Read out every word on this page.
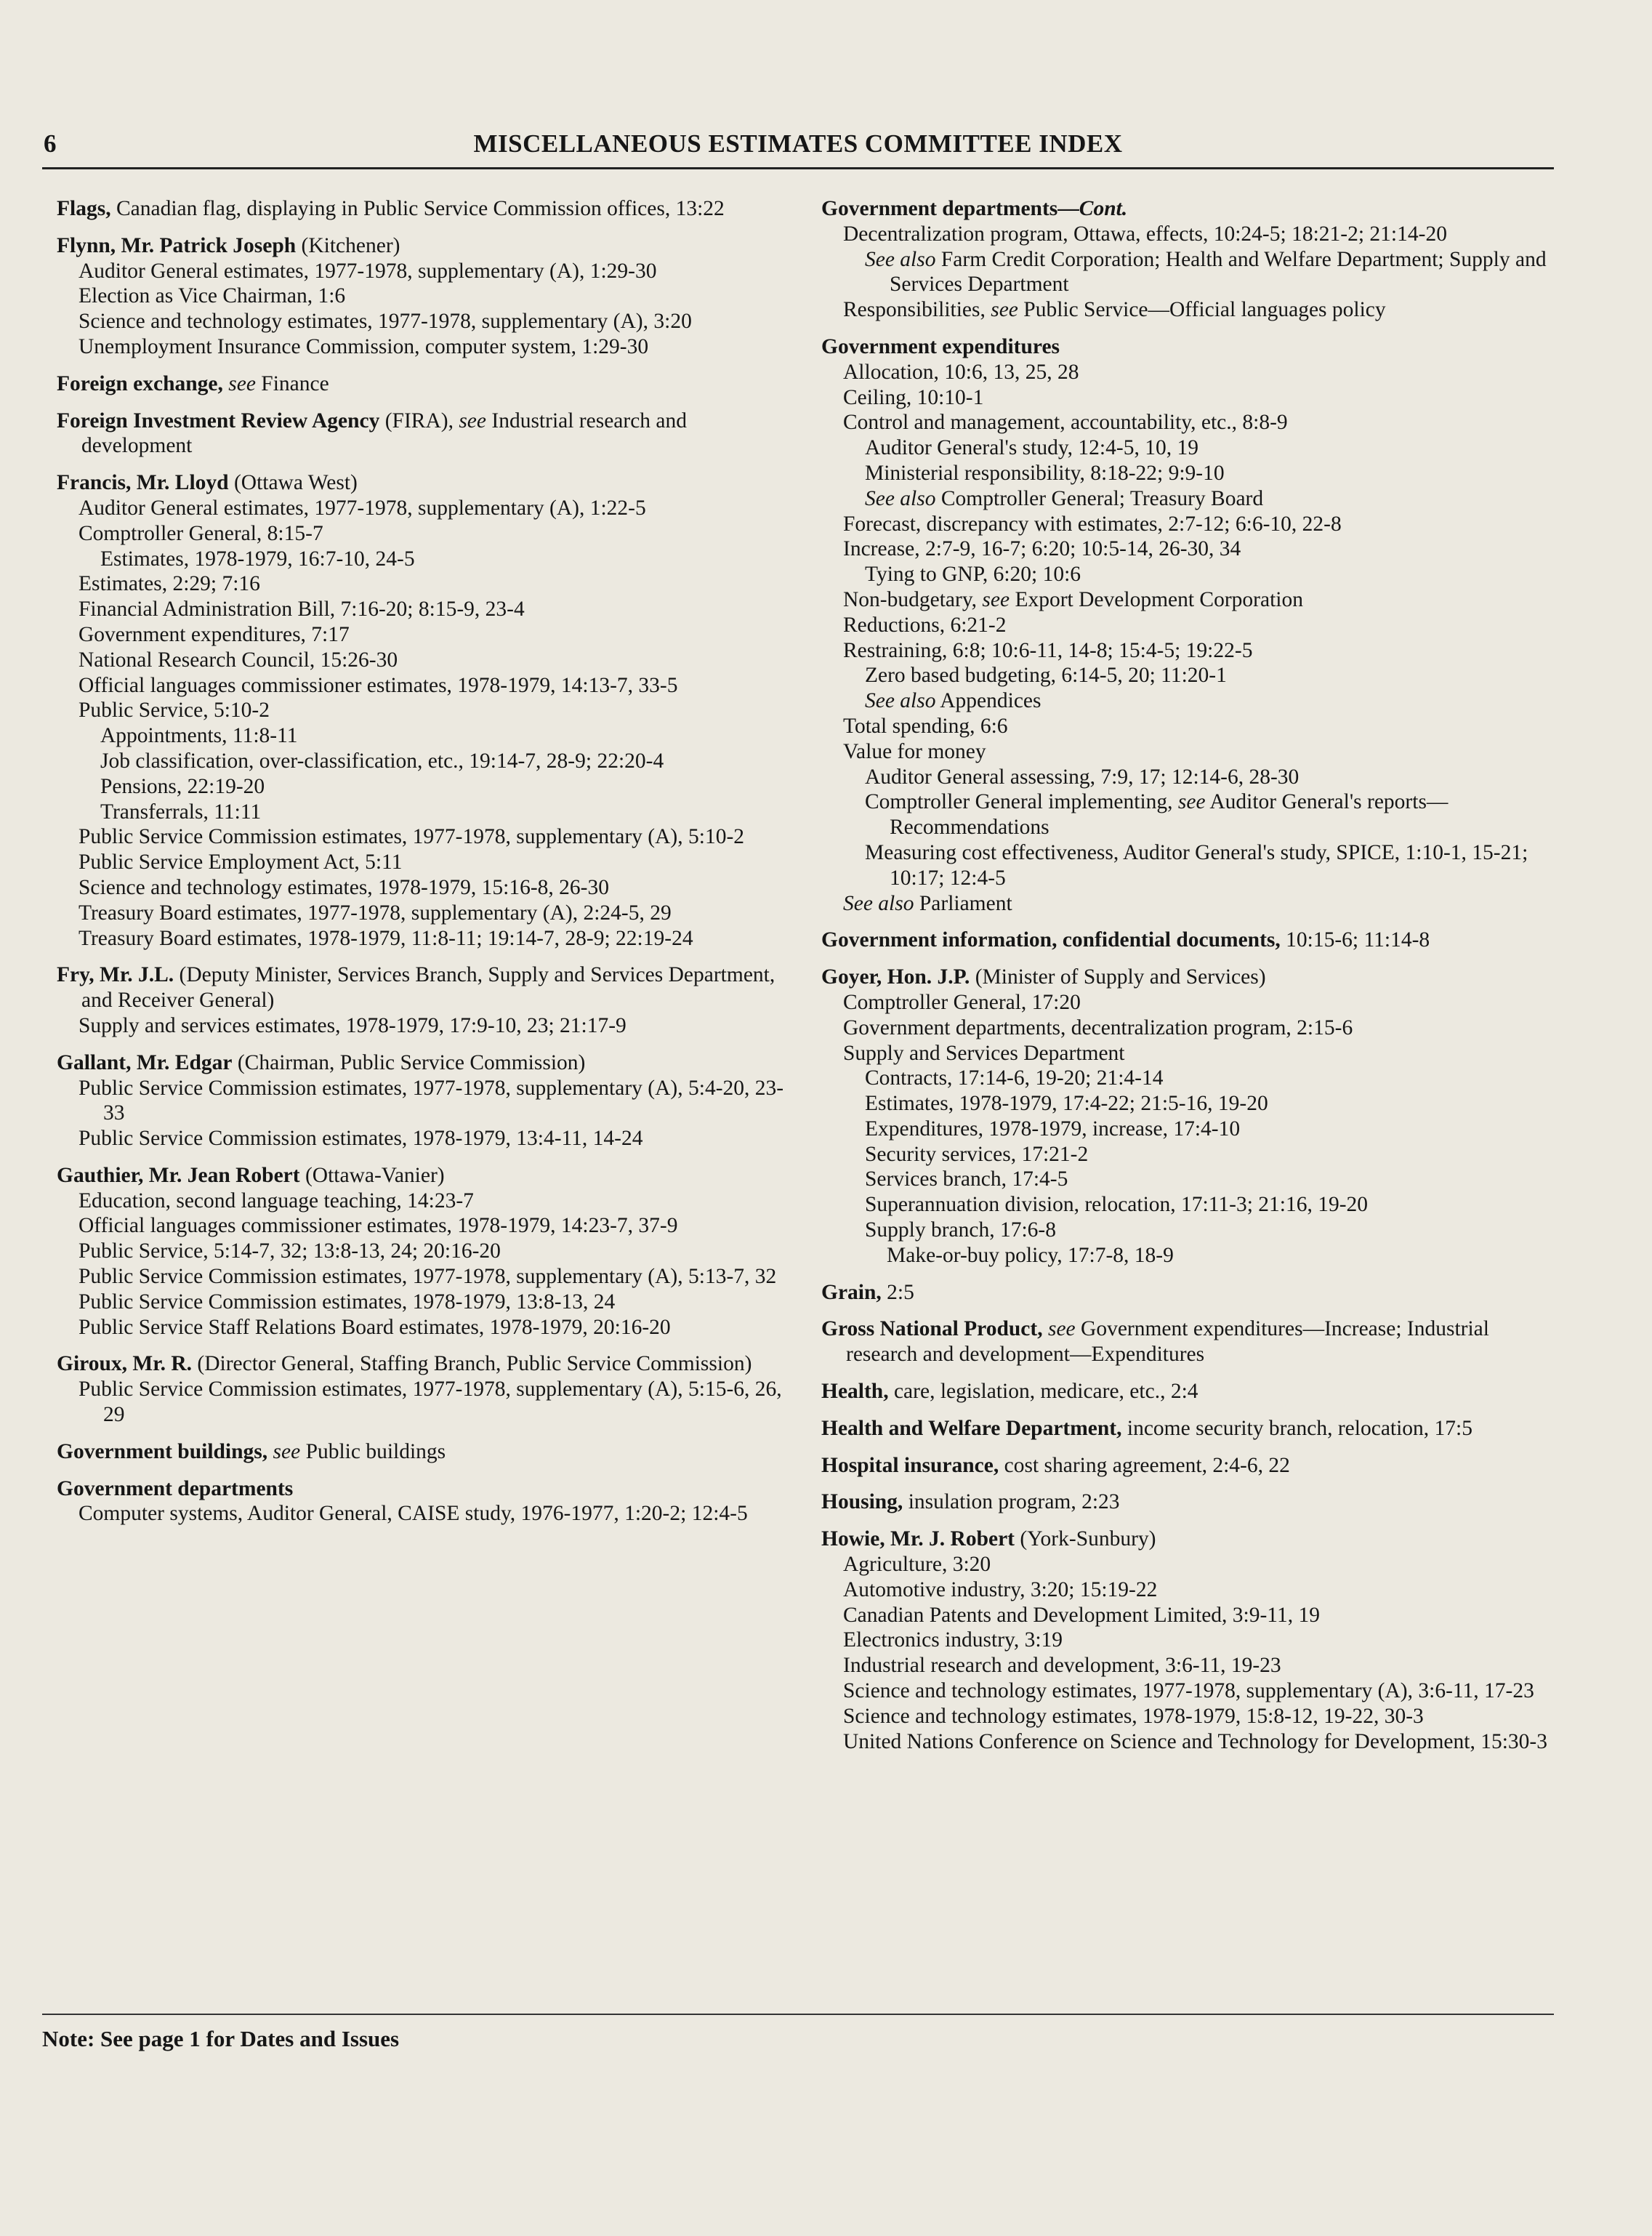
6	MISCELLANEOUS ESTIMATES COMMITTEE INDEX
Flags, Canadian flag, displaying in Public Service Commission offices, 13:22
Flynn, Mr. Patrick Joseph (Kitchener)
Auditor General estimates, 1977-1978, supplementary (A), 1:29-30
Election as Vice Chairman, 1:6
Science and technology estimates, 1977-1978, supplementary (A), 3:20
Unemployment Insurance Commission, computer system, 1:29-30
Foreign exchange, see Finance
Foreign Investment Review Agency (FIRA), see Industrial research and development
Francis, Mr. Lloyd (Ottawa West)
Auditor General estimates, 1977-1978, supplementary (A), 1:22-5
Comptroller General, 8:15-7
Estimates, 1978-1979, 16:7-10, 24-5
Estimates, 2:29; 7:16
Financial Administration Bill, 7:16-20; 8:15-9, 23-4
Government expenditures, 7:17
National Research Council, 15:26-30
Official languages commissioner estimates, 1978-1979, 14:13-7, 33-5
Public Service, 5:10-2
Appointments, 11:8-11
Job classification, over-classification, etc., 19:14-7, 28-9; 22:20-4
Pensions, 22:19-20
Transferrals, 11:11
Public Service Commission estimates, 1977-1978, supplementary (A), 5:10-2
Public Service Employment Act, 5:11
Science and technology estimates, 1978-1979, 15:16-8, 26-30
Treasury Board estimates, 1977-1978, supplementary (A), 2:24-5, 29
Treasury Board estimates, 1978-1979, 11:8-11; 19:14-7, 28-9; 22:19-24
Fry, Mr. J.L. (Deputy Minister, Services Branch, Supply and Services Department, and Receiver General)
Supply and services estimates, 1978-1979, 17:9-10, 23; 21:17-9
Gallant, Mr. Edgar (Chairman, Public Service Commission)
Public Service Commission estimates, 1977-1978, supplementary (A), 5:4-20, 23-33
Public Service Commission estimates, 1978-1979, 13:4-11, 14-24
Gauthier, Mr. Jean Robert (Ottawa-Vanier)
Education, second language teaching, 14:23-7
Official languages commissioner estimates, 1978-1979, 14:23-7, 37-9
Public Service, 5:14-7, 32; 13:8-13, 24; 20:16-20
Public Service Commission estimates, 1977-1978, supplementary (A), 5:13-7, 32
Public Service Commission estimates, 1978-1979, 13:8-13, 24
Public Service Staff Relations Board estimates, 1978-1979, 20:16-20
Giroux, Mr. R. (Director General, Staffing Branch, Public Service Commission)
Public Service Commission estimates, 1977-1978, supplementary (A), 5:15-6, 26, 29
Government buildings, see Public buildings
Government departments
Computer systems, Auditor General, CAISE study, 1976-1977, 1:20-2; 12:4-5
Government departments—Cont.
Decentralization program, Ottawa, effects, 10:24-5; 18:21-2; 21:14-20
See also Farm Credit Corporation; Health and Welfare Department; Supply and Services Department
Responsibilities, see Public Service—Official languages policy
Government expenditures
Allocation, 10:6, 13, 25, 28
Ceiling, 10:10-1
Control and management, accountability, etc., 8:8-9
Auditor General's study, 12:4-5, 10, 19
Ministerial responsibility, 8:18-22; 9:9-10
See also Comptroller General; Treasury Board
Forecast, discrepancy with estimates, 2:7-12; 6:6-10, 22-8
Increase, 2:7-9, 16-7; 6:20; 10:5-14, 26-30, 34
Tying to GNP, 6:20; 10:6
Non-budgetary, see Export Development Corporation
Reductions, 6:21-2
Restraining, 6:8; 10:6-11, 14-8; 15:4-5; 19:22-5
Zero based budgeting, 6:14-5, 20; 11:20-1
See also Appendices
Total spending, 6:6
Value for money
Auditor General assessing, 7:9, 17; 12:14-6, 28-30
Comptroller General implementing, see Auditor General's reports—Recommendations
Measuring cost effectiveness, Auditor General's study, SPICE, 1:10-1, 15-21; 10:17; 12:4-5
See also Parliament
Government information, confidential documents, 10:15-6; 11:14-8
Goyer, Hon. J.P. (Minister of Supply and Services)
Comptroller General, 17:20
Government departments, decentralization program, 2:15-6
Supply and Services Department
Contracts, 17:14-6, 19-20; 21:4-14
Estimates, 1978-1979, 17:4-22; 21:5-16, 19-20
Expenditures, 1978-1979, increase, 17:4-10
Security services, 17:21-2
Services branch, 17:4-5
Superannuation division, relocation, 17:11-3; 21:16, 19-20
Supply branch, 17:6-8
Make-or-buy policy, 17:7-8, 18-9
Grain, 2:5
Gross National Product, see Government expenditures—Increase; Industrial research and development—Expenditures
Health, care, legislation, medicare, etc., 2:4
Health and Welfare Department, income security branch, relocation, 17:5
Hospital insurance, cost sharing agreement, 2:4-6, 22
Housing, insulation program, 2:23
Howie, Mr. J. Robert (York-Sunbury)
Agriculture, 3:20
Automotive industry, 3:20; 15:19-22
Canadian Patents and Development Limited, 3:9-11, 19
Electronics industry, 3:19
Industrial research and development, 3:6-11, 19-23
Science and technology estimates, 1977-1978, supplementary (A), 3:6-11, 17-23
Science and technology estimates, 1978-1979, 15:8-12, 19-22, 30-3
United Nations Conference on Science and Technology for Development, 15:30-3
Note: See page 1 for Dates and Issues
